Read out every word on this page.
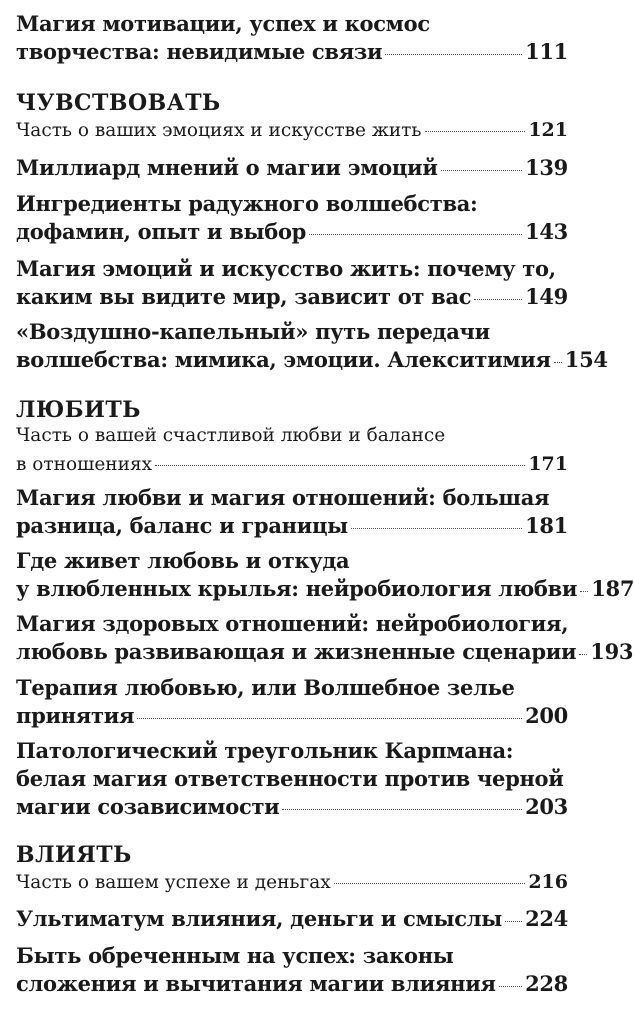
Магия мотивации, успех и космос
творчества: невидимые связи	111
ЧУВСТВОВАТЬ
Часть о ваших эмоциях и искусстве жить	121
Миллиард мнений о магии эмоций	139
Ингредиенты радужного волшебства:
дофамин, опыт и выбор	143
Магия эмоций и искусство жить: почему то,
каким вы видите мир, зависит от вас	149
«Воздушно-капельный» путь передачи
волшебства: мимика, эмоции. Алекситимия 154
ЛЮБИТЬ
Часть о вашей счастливой любви и балансе
в отношениях	171
Магия любви и магия отношений: большая
разница, баланс и границы	181
Где живет любовь и откуда
у влюбленных крылья: нейробиология любви 187
Магия здоровых отношений: нейробиология,
любовь развивающая и жизненные сценарии 193
Терапия любовью, или Волшебное зелье
принятия	200
Патологический треугольник Карпмана:
белая магия ответственности против черной
магии созависимости	203
ВЛИЯТЬ
Часть о вашем успехе и деньгах	216
Ультиматум влияния, деньги и смыслы 224
Быть обреченным на успех: законы
сложения и вычитания магии влияния 228
